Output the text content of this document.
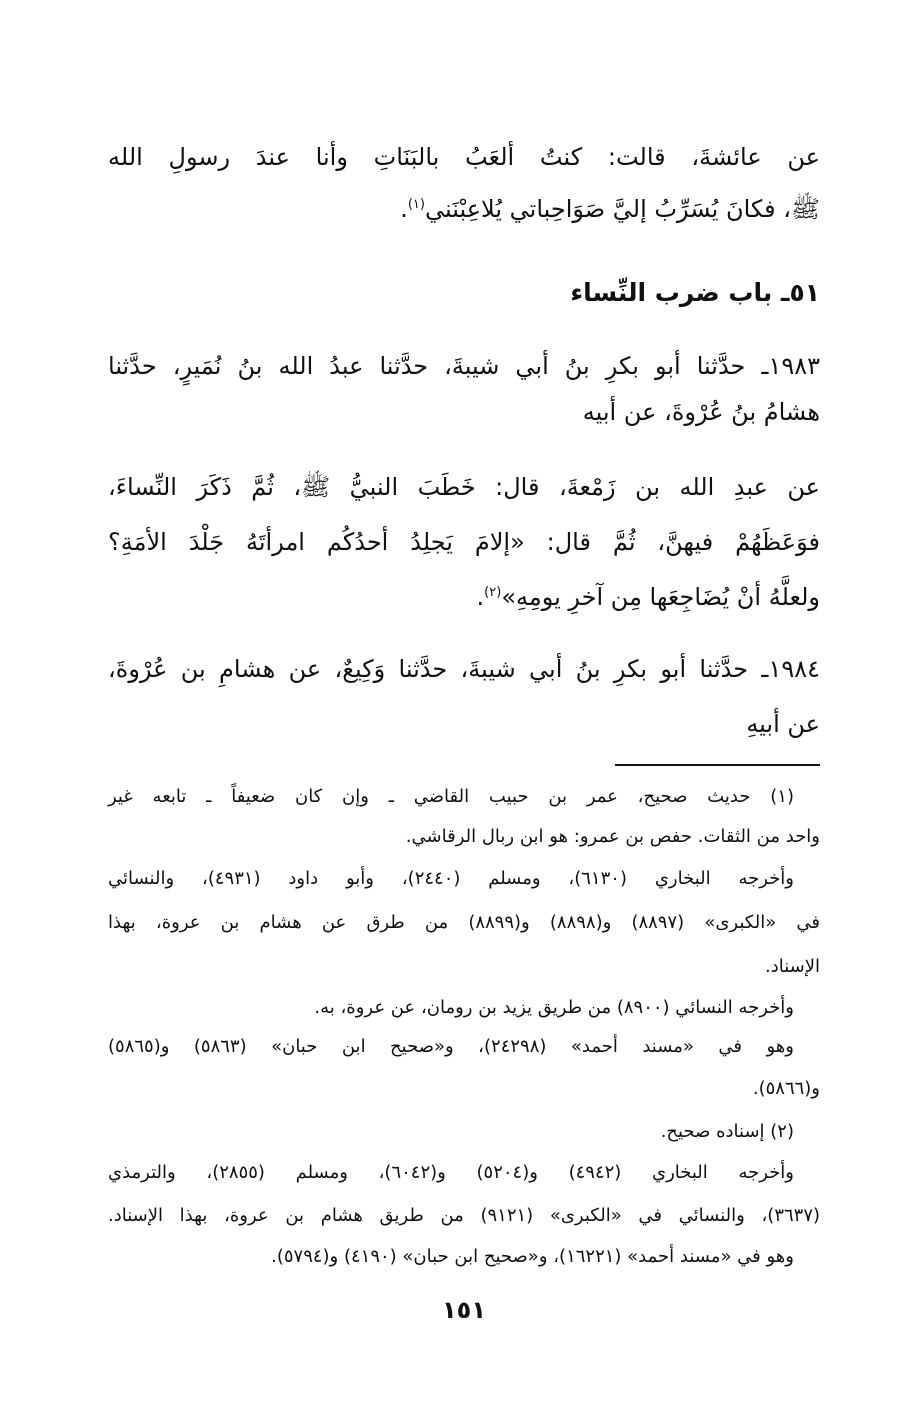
عن عائشةَ، قالت: كنتُ ألعَبُ بالبَنَاتِ وأنا عندَ رسولِ الله
ﷺ، فكانَ يُسَرِّبُ إليَّ صَوَاحِباتي يُلاعِبْنَني$^{(١)}$.
٥١ـ باب ضرب النِّساء
١٩٨٣ـ حدَّثنا أبو بكرِ بنُ أبي شيبةَ، حدَّثنا عبدُ الله بنُ نُمَيرٍ، حدَّثنا
هشامُ بنُ عُرْوةَ، عن أبيه
عن عبدِ الله بن زَمْعةَ، قال: خَطَبَ النبيُّ ﷺ، ثُمَّ ذَكَرَ النِّساءَ،
فوَعَظَهُمْ فيهنَّ، ثُمَّ قال: «إلامَ يَجلِدُ أحدُكُم امرأتَهُ جَلْدَ الأمَةِ؟
ولعلَّهُ أنْ يُضَاجِعَها مِن آخرِ يومِهِ»$^{(٢)}$.
١٩٨٤ـ حدَّثنا أبو بكرِ بنُ أبي شيبةَ، حدَّثنا وَكِيعٌ، عن هشامِ بن عُرْوةَ،
عن أبيهِ
(١) حديث صحيح، عمر بن حبيب القاضي ـ وإن كان ضعيفاً ـ تابعه غير
واحد من الثقات. حفص بن عمرو: هو ابن ربال الرقاشي.
وأخرجه البخاري (٦١٣٠)، ومسلم (٢٤٤٠)، وأبو داود (٤٩٣١)، والنسائي
في «الكبرى» (٨٨٩٧) و(٨٨٩٨) و(٨٨٩٩) من طرق عن هشام بن عروة، بهذا
الإسناد.
وأخرجه النسائي (٨٩٠٠) من طريق يزيد بن رومان، عن عروة، به.
وهو في «مسند أحمد» (٢٤٢٩٨)، و«صحيح ابن حبان» (٥٨٦٣) و(٥٨٦٥)
و(٥٨٦٦).
(٢) إسناده صحيح.
وأخرجه البخاري (٤٩٤٢) و(٥٢٠٤) و(٦٠٤٢)، ومسلم (٢٨٥٥)، والترمذي
(٣٦٣٧)، والنسائي في «الكبرى» (٩١٢١) من طريق هشام بن عروة، بهذا الإسناد.
وهو في «مسند أحمد» (١٦٢٢١)، و«صحيح ابن حبان» (٤١٩٠) و(٥٧٩٤).
١٥١
